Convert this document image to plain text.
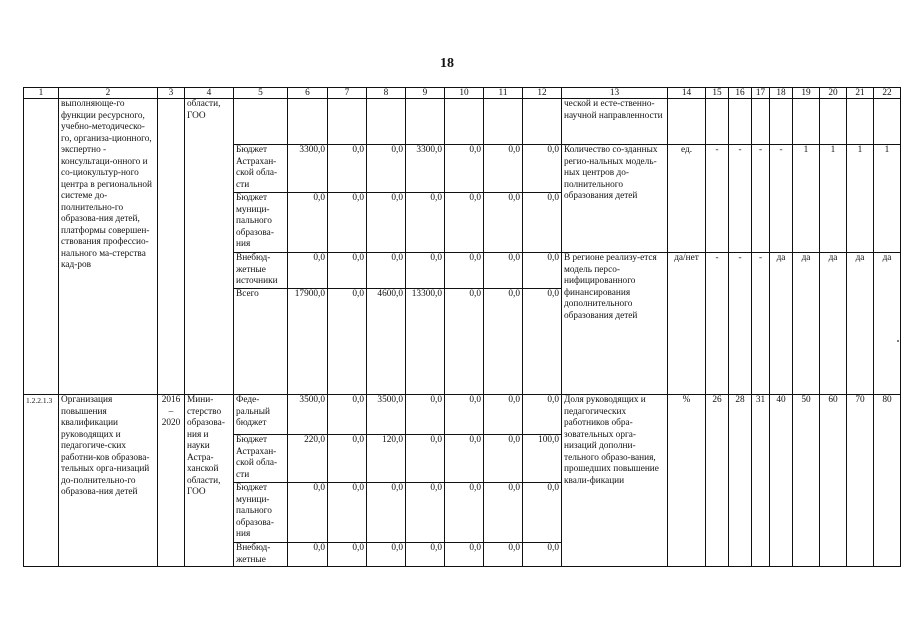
18
1	2	3	4	5	6	7	8	9	10	11	12	13	14	15	16	17	18	19	20	21	22
	выполняюще-го функции ресурсного, учебно-методическо-го, организа-ционного, экспертно - консультаци-онного и со-циокультур-ного центра в региональной системе до-полнительно-го образова-ния детей, платформы совершен-ствования профессио-нального ма-стерства кад-ров		области, ГОО									ческой и есте-ственно-научной направленности									
				Бюджет Астрахан-ской обла-сти	3300,0	0,0	0,0	3300,0	0,0	0,0	0,0	Количество со-зданных регио-нальных модель-ных центров до-полнительного образования детей	ед.	-	-	-	-	1	1	1	1
				Бюджет муници-пального образова-ния	0,0	0,0	0,0	0,0	0,0	0,0	0,0										
				Внебюд-жетные источники	0,0	0,0	0,0	0,0	0,0	0,0	0,0	В регионе реализу-ется модель персо-нифицированного финансирования дополнительного образования детей	да/нет	-	-	-	да	да	да	да	да
				Всего	17900,0	0,0	4600,0	13300,0	0,0	0,0	0,0										
1.2.2.1.3	Организация повышения квалификации руководящих и педагогиче-ских работни-ков образова-тельных орга-низаций до-полнительно-го образова-ния детей	2016 – 2020	Мини-стерство образова-ния и науки Астра-ханской области, ГОО	Феде-ральный бюджет	3500,0	0,0	3500,0	0,0	0,0	0,0	0,0	Доля руководящих и педагогических работников обра-зовательных орга-низаций дополни-тельного образо-вания, прошедших повышение квали-фикации	%	26	28	31	40	50	60	70	80
				Бюджет Астрахан-ской обла-сти	220,0	0,0	120,0	0,0	0,0	0,0	100,0										
				Бюджет муници-пального образова-ния	0,0	0,0	0,0	0,0	0,0	0,0	0,0										
				Внебюд-жетные	0,0	0,0	0,0	0,0	0,0	0,0	0,0										
